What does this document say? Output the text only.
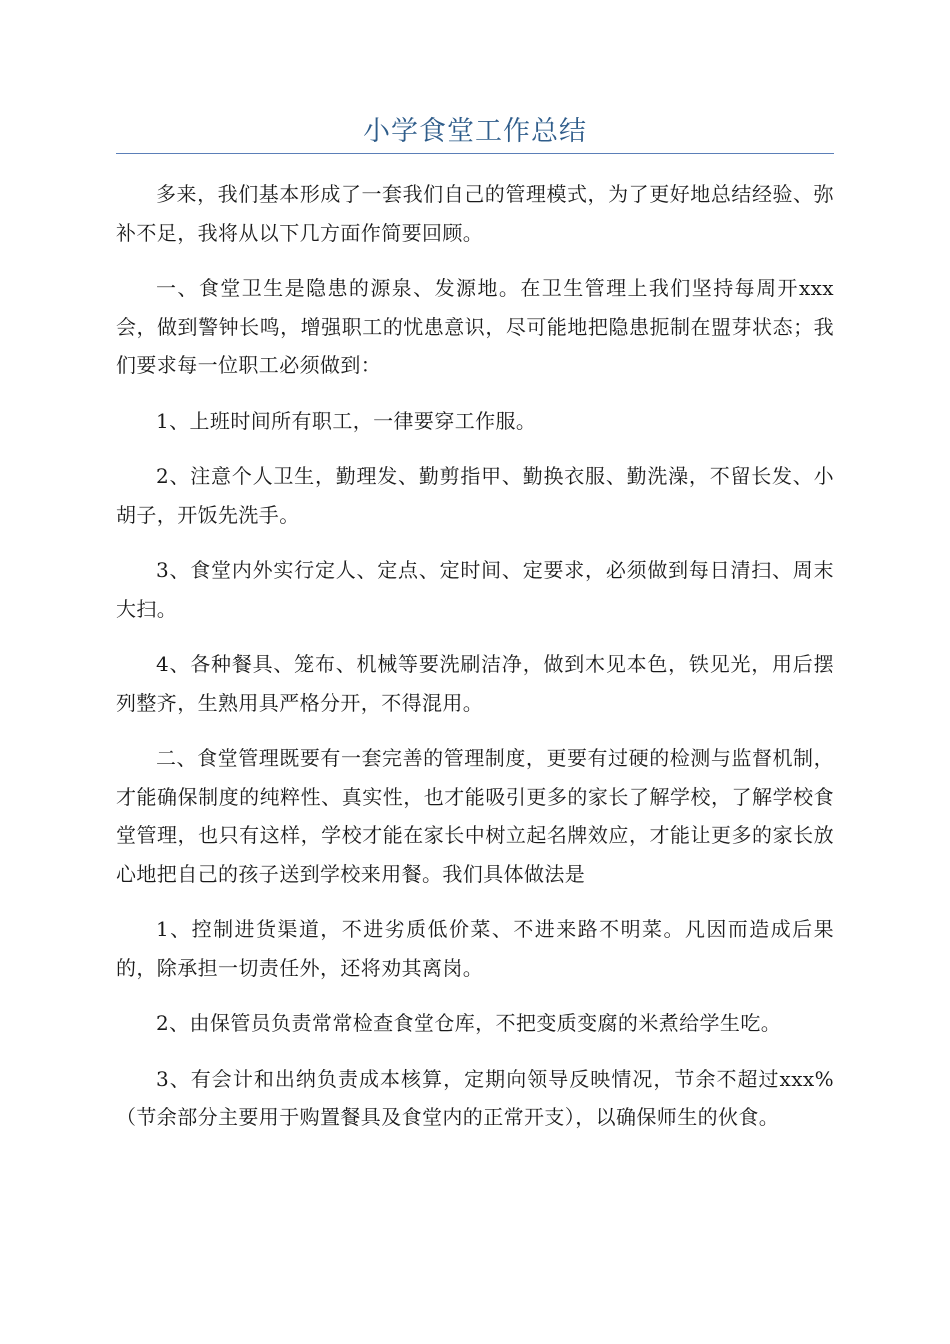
小学食堂工作总结

多来，我们基本形成了一套我们自己的管理模式，为了更好地总结经验、弥补不足，我将从以下几方面作简要回顾。

一、食堂卫生是隐患的源泉、发源地。在卫生管理上我们坚持每周开xxx会，做到警钟长鸣，增强职工的忧患意识，尽可能地把隐患扼制在盟芽状态；我们要求每一位职工必须做到：

1、上班时间所有职工，一律要穿工作服。

2、注意个人卫生，勤理发、勤剪指甲、勤换衣服、勤洗澡，不留长发、小胡子，开饭先洗手。

3、食堂内外实行定人、定点、定时间、定要求，必须做到每日清扫、周末大扫。

4、各种餐具、笼布、机械等要洗刷洁净，做到木见本色，铁见光，用后摆列整齐，生熟用具严格分开，不得混用。

二、食堂管理既要有一套完善的管理制度，更要有过硬的检测与监督机制，才能确保制度的纯粹性、真实性，也才能吸引更多的家长了解学校，了解学校食堂管理，也只有这样，学校才能在家长中树立起名牌效应，才能让更多的家长放心地把自己的孩子送到学校来用餐。我们具体做法是

1、控制进货渠道，不进劣质低价菜、不进来路不明菜。凡因而造成后果的，除承担一切责任外，还将劝其离岗。

2、由保管员负责常常检查食堂仓库，不把变质变腐的米煮给学生吃。

3、有会计和出纳负责成本核算，定期向领导反映情况，节余不超过xxx%（节余部分主要用于购置餐具及食堂内的正常开支），以确保师生的伙食。
